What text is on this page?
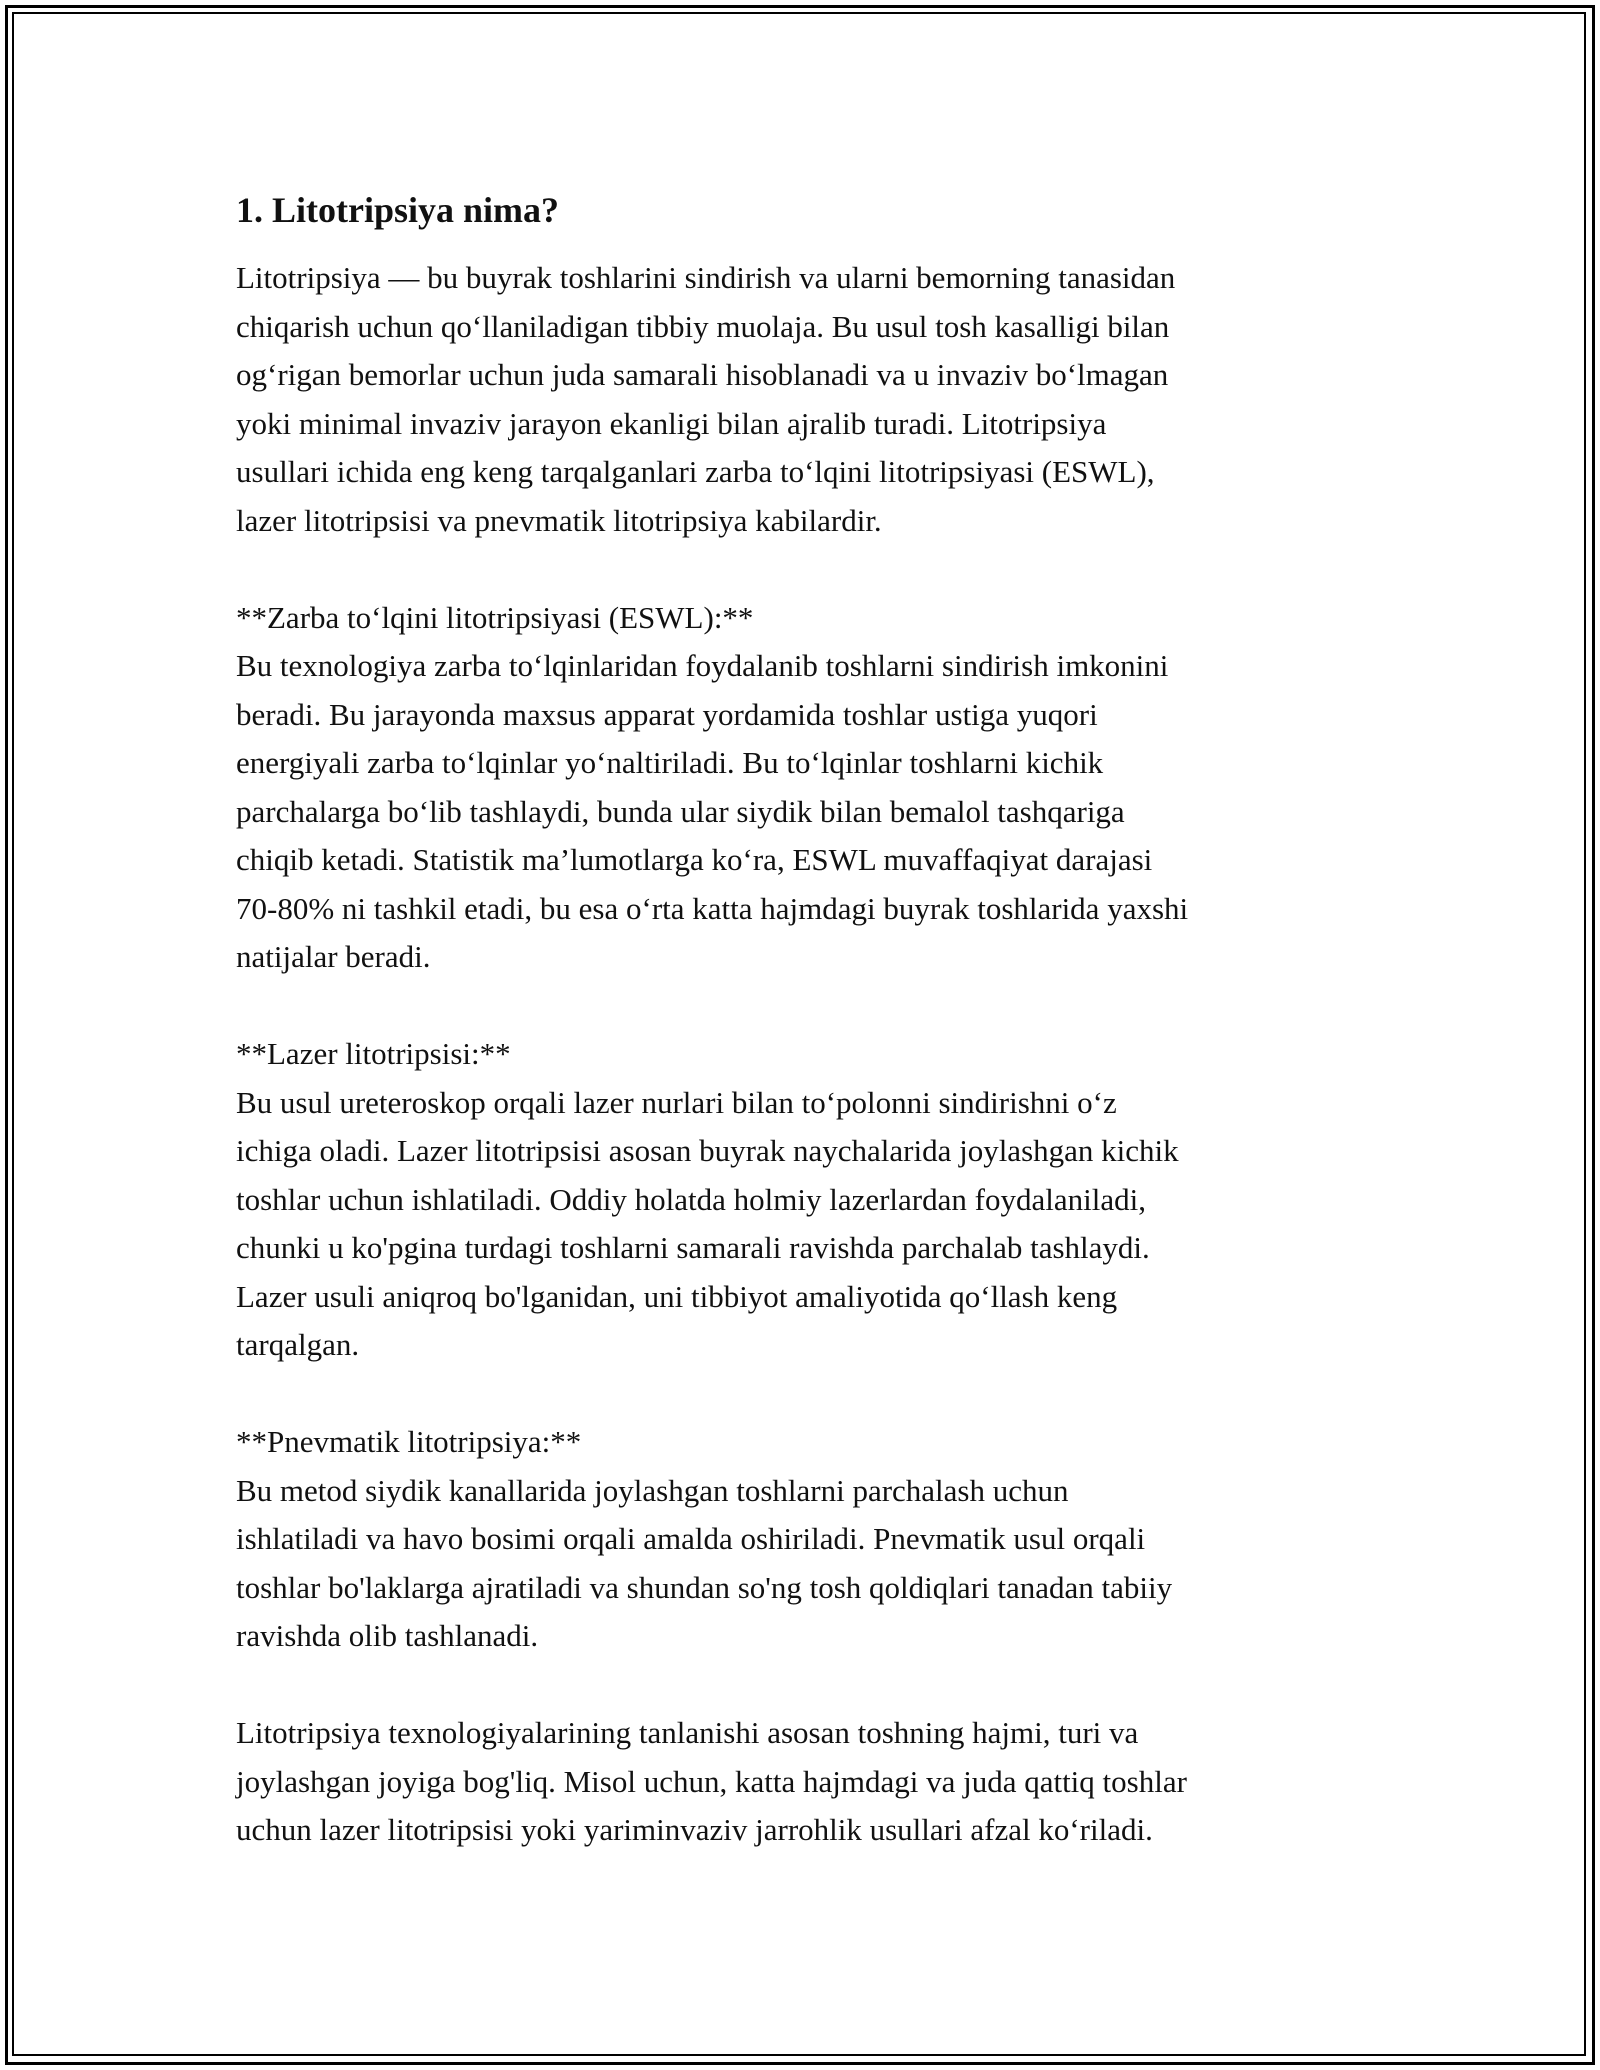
1. Litotripsiya nima?

Litotripsiya — bu buyrak toshlarini sindirish va ularni bemorning tanasidan
chiqarish uchun qo‘llaniladigan tibbiy muolaja. Bu usul tosh kasalligi bilan
og‘rigan bemorlar uchun juda samarali hisoblanadi va u invaziv bo‘lmagan
yoki minimal invaziv jarayon ekanligi bilan ajralib turadi. Litotripsiya
usullari ichida eng keng tarqalganlari zarba to‘lqini litotripsiyasi (ESWL),
lazer litotripsisi va pnevmatik litotripsiya kabilardir.

**Zarba to‘lqini litotripsiyasi (ESWL):**
Bu texnologiya zarba to‘lqinlaridan foydalanib toshlarni sindirish imkonini
beradi. Bu jarayonda maxsus apparat yordamida toshlar ustiga yuqori
energiyali zarba to‘lqinlar yo‘naltiriladi. Bu to‘lqinlar toshlarni kichik
parchalarga bo‘lib tashlaydi, bunda ular siydik bilan bemalol tashqariga
chiqib ketadi. Statistik ma’lumotlarga ko‘ra, ESWL muvaffaqiyat darajasi
70-80% ni tashkil etadi, bu esa o‘rta katta hajmdagi buyrak toshlarida yaxshi
natijalar beradi.

**Lazer litotripsisi:**
Bu usul ureteroskop orqali lazer nurlari bilan to‘polonni sindirishni o‘z
ichiga oladi. Lazer litotripsisi asosan buyrak naychalarida joylashgan kichik
toshlar uchun ishlatiladi. Oddiy holatda holmiy lazerlardan foydalaniladi,
chunki u ko'pgina turdagi toshlarni samarali ravishda parchalab tashlaydi.
Lazer usuli aniqroq bo'lganidan, uni tibbiyot amaliyotida qo‘llash keng
tarqalgan.

**Pnevmatik litotripsiya:**
Bu metod siydik kanallarida joylashgan toshlarni parchalash uchun
ishlatiladi va havo bosimi orqali amalda oshiriladi. Pnevmatik usul orqali
toshlar bo'laklarga ajratiladi va shundan so'ng tosh qoldiqlari tanadan tabiiy
ravishda olib tashlanadi.

Litotripsiya texnologiyalarining tanlanishi asosan toshning hajmi, turi va
joylashgan joyiga bog'liq. Misol uchun, katta hajmdagi va juda qattiq toshlar
uchun lazer litotripsisi yoki yariminvaziv jarrohlik usullari afzal ko‘riladi.
